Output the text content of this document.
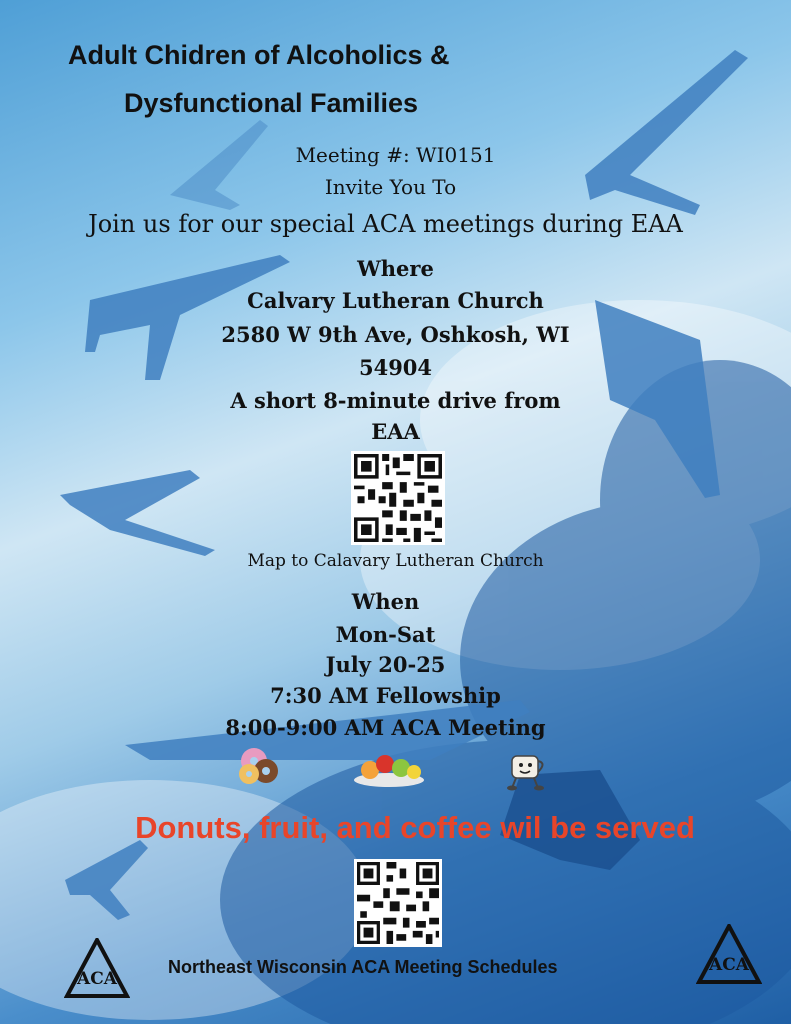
Adult Chidren of Alcoholics &
Dysfunctional Families
Meeting #: WI0151
Invite You To
Join us for our special ACA meetings during EAA
Where
Calvary Lutheran Church
2580 W 9th Ave, Oshkosh, WI
54904
A short 8-minute drive from
EAA
Map to Calavary Lutheran Church
When
Mon-Sat
July 20-25
7:30 AM Fellowship
8:00-9:00 AM ACA Meeting
Donuts, fruit, and coffee wil be served
Northeast Wisconsin ACA Meeting Schedules
ACA
ACA
